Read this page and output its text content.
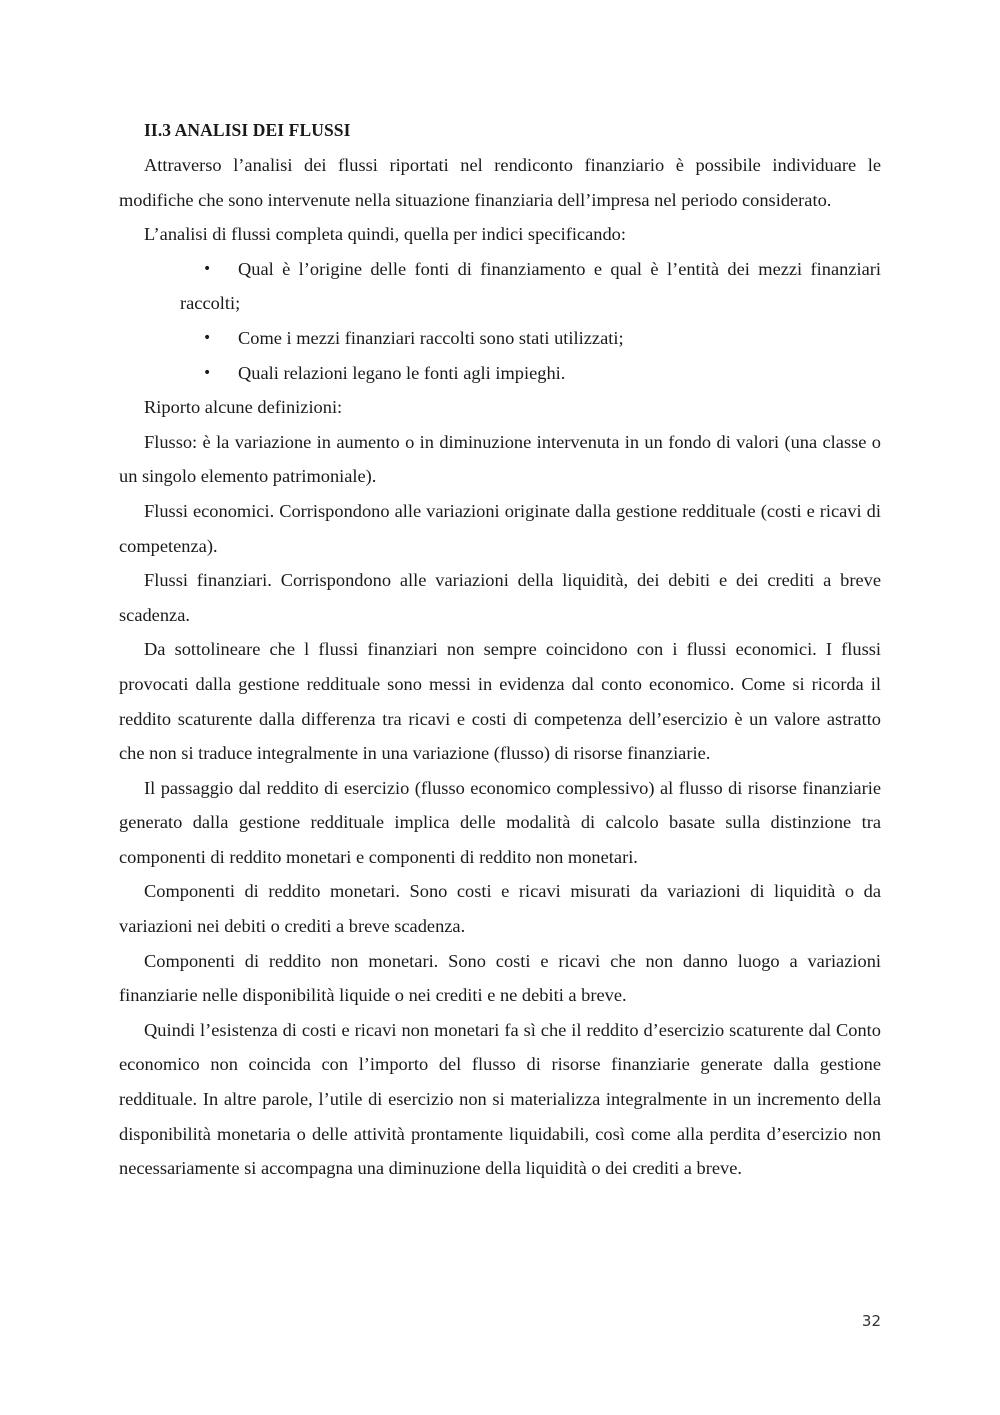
II.3 ANALISI DEI FLUSSI

Attraverso l’analisi dei flussi riportati nel rendiconto finanziario è possibile individuare le modifiche che sono intervenute nella situazione finanziaria dell’impresa nel periodo considerato.

L’analisi di flussi completa quindi, quella per indici specificando:

• Qual è l’origine delle fonti di finanziamento e qual è l’entità dei mezzi finanziari raccolti;
• Come i mezzi finanziari raccolti sono stati utilizzati;
• Quali relazioni legano le fonti agli impieghi.

Riporto alcune definizioni:

Flusso: è la variazione in aumento o in diminuzione intervenuta in un fondo di valori (una classe o un singolo elemento patrimoniale).

Flussi economici. Corrispondono alle variazioni originate dalla gestione reddituale (costi e ricavi di competenza).

Flussi finanziari. Corrispondono alle variazioni della liquidità, dei debiti e dei crediti a breve scadenza.

Da sottolineare che l flussi finanziari non sempre coincidono con i flussi economici. I flussi provocati dalla gestione reddituale sono messi in evidenza dal conto economico. Come si ricorda il reddito scaturente dalla differenza tra ricavi e costi di competenza dell’esercizio è un valore astratto che non si traduce integralmente in una variazione (flusso) di risorse finanziarie.

Il passaggio dal reddito di esercizio (flusso economico complessivo) al flusso di risorse finanziarie generato dalla gestione reddituale implica delle modalità di calcolo basate sulla distinzione tra componenti di reddito monetari e componenti di reddito non monetari.

Componenti di reddito monetari. Sono costi e ricavi misurati da variazioni di liquidità o da variazioni nei debiti o crediti a breve scadenza.

Componenti di reddito non monetari. Sono costi e ricavi che non danno luogo a variazioni finanziarie nelle disponibilità liquide o nei crediti e ne debiti a breve.

Quindi l’esistenza di costi e ricavi non monetari fa sì che il reddito d’esercizio scaturente dal Conto economico non coincida con l’importo del flusso di risorse finanziarie generate dalla gestione reddituale. In altre parole, l’utile di esercizio non si materializza integralmente in un incremento della disponibilità monetaria o delle attività prontamente liquidabili, così come alla perdita d’esercizio non necessariamente si accompagna una diminuzione della liquidità o dei crediti a breve.

32
